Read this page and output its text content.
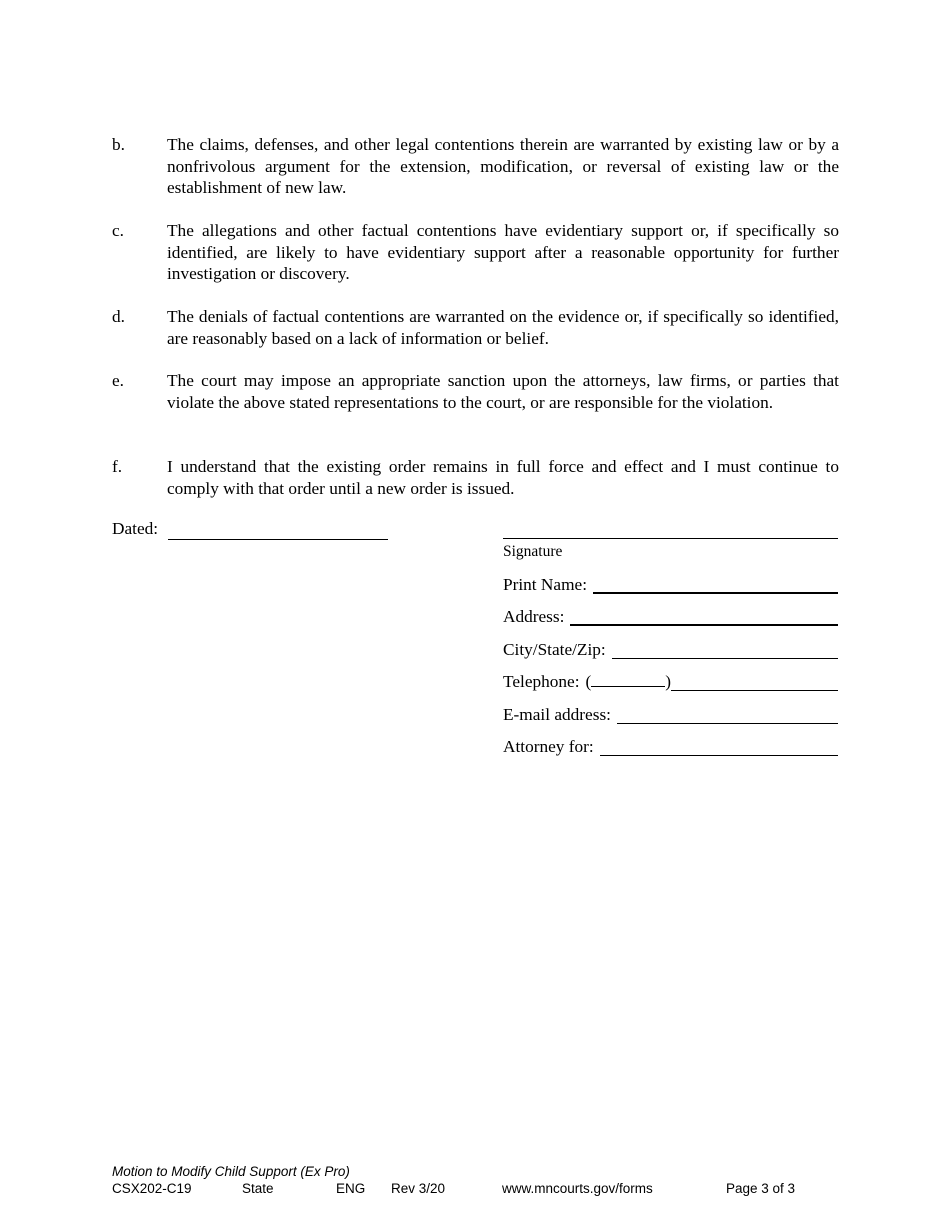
b. The claims, defenses, and other legal contentions therein are warranted by existing law or by a nonfrivolous argument for the extension, modification, or reversal of existing law or the establishment of new law.
c. The allegations and other factual contentions have evidentiary support or, if specifically so identified, are likely to have evidentiary support after a reasonable opportunity for further investigation or discovery.
d. The denials of factual contentions are warranted on the evidence or, if specifically so identified, are reasonably based on a lack of information or belief.
e. The court may impose an appropriate sanction upon the attorneys, law firms, or parties that violate the above stated representations to the court, or are responsible for the violation.
f.	I understand that the existing order remains in full force and effect and I must continue to comply with that order until a new order is issued.
Dated:
Signature
Print Name:
Address:
City/State/Zip:
Telephone: (	)
E-mail address:
Attorney for:
Motion to Modify Child Support (Ex Pro)
CSX202-C19	State	ENG Rev 3/20	www.mncourts.gov/forms	Page 3 of 3
